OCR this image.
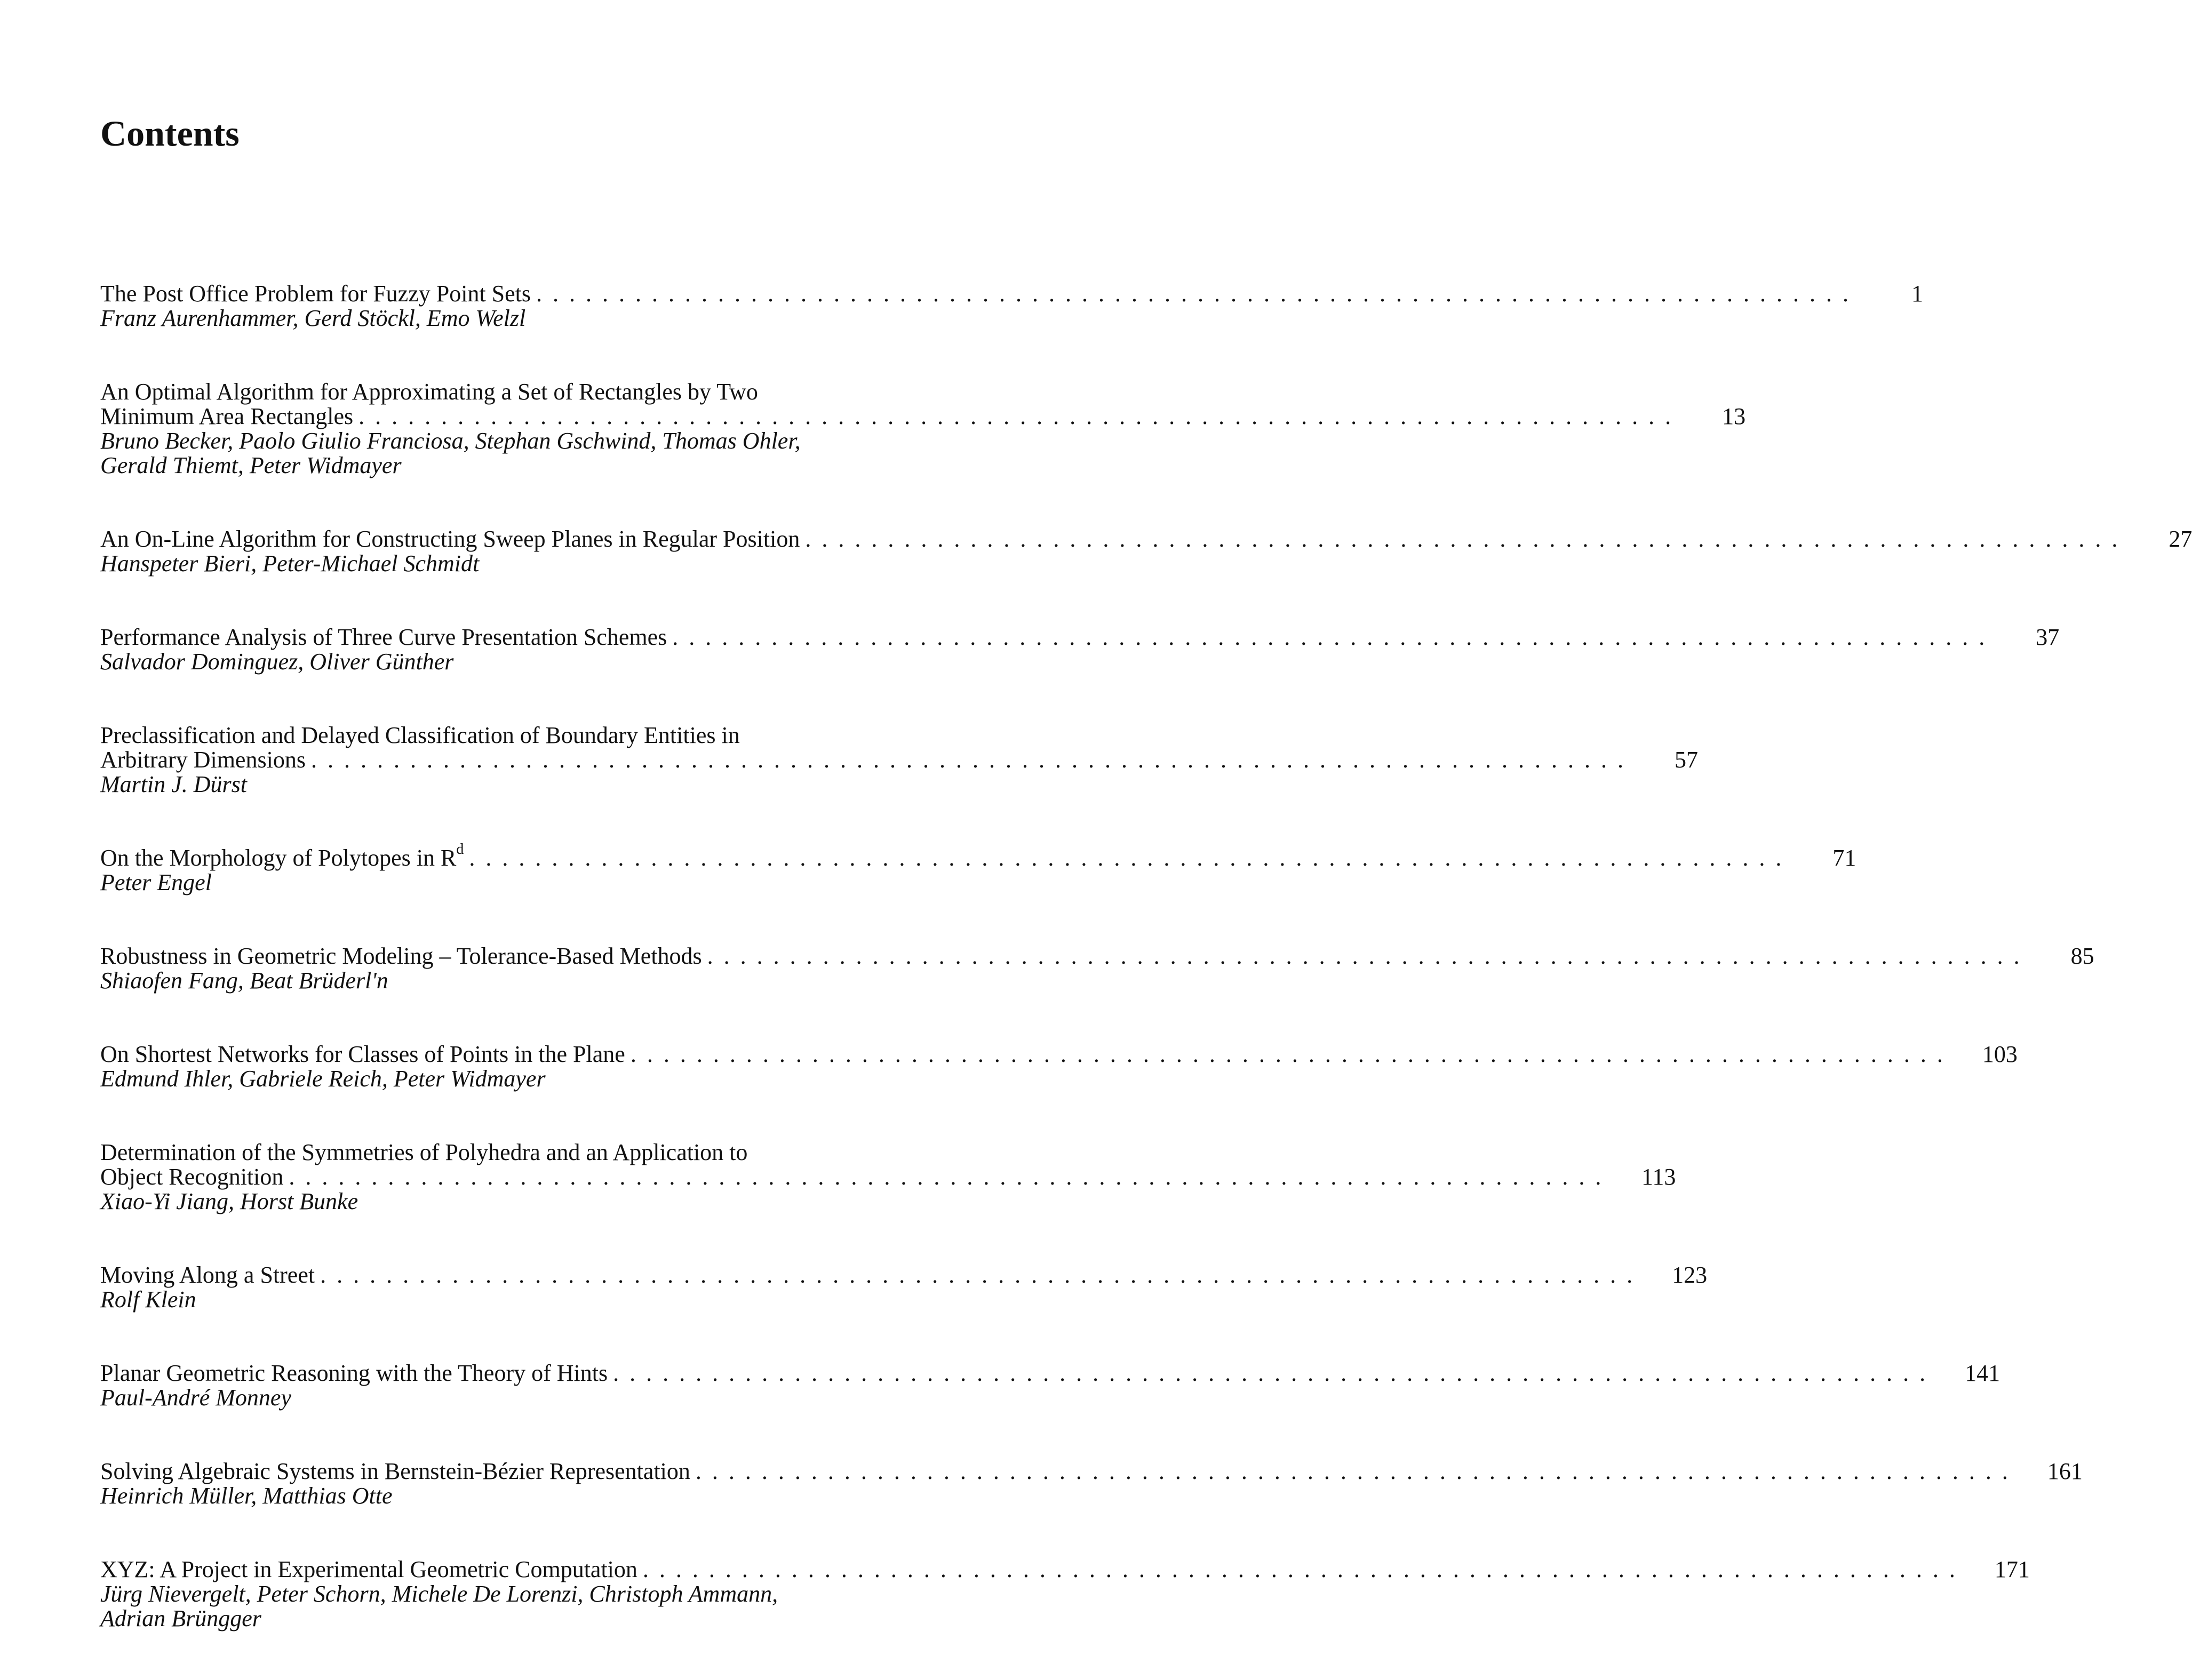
Contents
The Post Office Problem for Fuzzy Point Sets ................................................................................	1
Franz Aurenhammer, Gerd Stöckl, Emo Welzl
An Optimal Algorithm for Approximating a Set of Rectangles by Two
Minimum Area Rectangles ................................................................................	13
Bruno Becker, Paolo Giulio Franciosa, Stephan Gschwind, Thomas Ohler,
Gerald Thiemt, Peter Widmayer
An On-Line Algorithm for Constructing Sweep Planes in Regular Position ................................................................................	27
Hanspeter Bieri, Peter-Michael Schmidt
Performance Analysis of Three Curve Presentation Schemes ................................................................................	37
Salvador Dominguez, Oliver Günther
Preclassification and Delayed Classification of Boundary Entities in
Arbitrary Dimensions ................................................................................	57
Martin J. Dürst
On the Morphology of Polytopes in $R^d$ ................................................................................	71
Peter Engel
Robustness in Geometric Modeling – Tolerance-Based Methods ................................................................................	85
Shiaofen Fang, Beat Brüderl'n
On Shortest Networks for Classes of Points in the Plane ................................................................................ 103
Edmund Ihler, Gabriele Reich, Peter Widmayer
Determination of the Symmetries of Polyhedra and an Application to
Object Recognition ................................................................................ 113
Xiao-Yi Jiang, Horst Bunke
Moving Along a Street ................................................................................ 123
Rolf Klein
Planar Geometric Reasoning with the Theory of Hints ................................................................................ 141
Paul-André Monney
Solving Algebraic Systems in Bernstein-Bézier Representation ................................................................................ 161
Heinrich Müller, Matthias Otte
XYZ: A Project in Experimental Geometric Computation ................................................................................ 171
Jürg Nievergelt, Peter Schorn, Michele De Lorenzi, Christoph Ammann,
Adrian Brüngger
